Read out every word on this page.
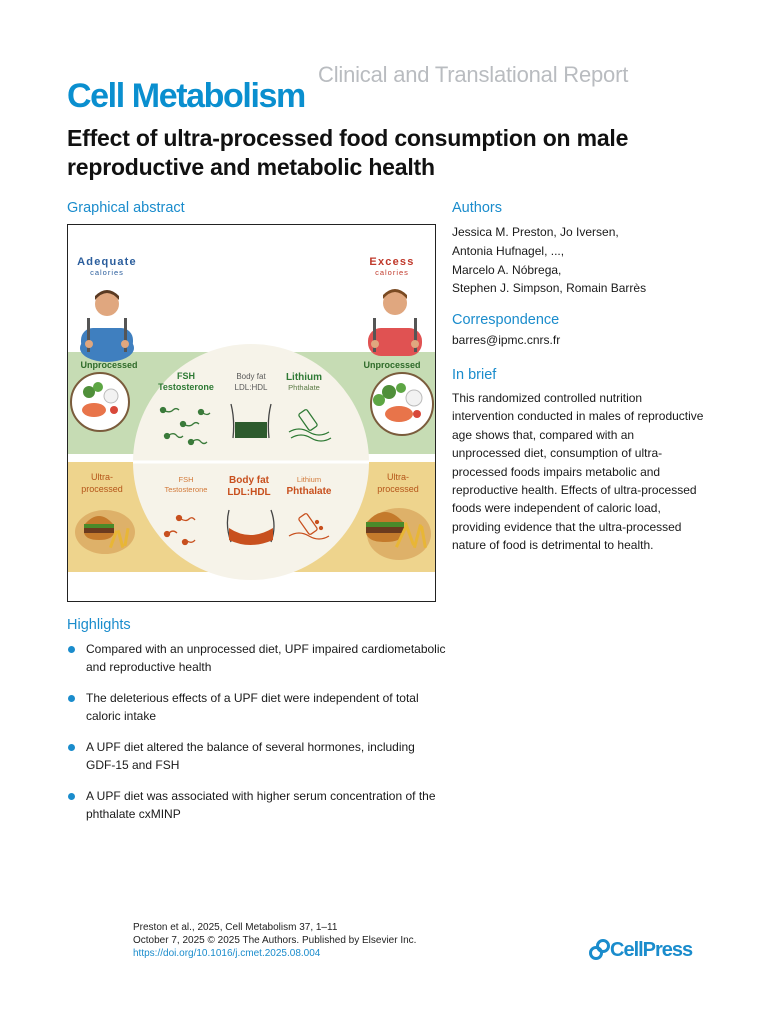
Cell Metabolism
Clinical and Translational Report
Effect of ultra-processed food consumption on male reproductive and metabolic health
Graphical abstract
Adequate
calories
Excess
calories
Unprocessed	Unprocessed
Ultra-
processed
Ultra-
processed
FSH
Testosterone
Body fat
LDL:HDL
Lithium
Phthalate
FSH
Testosterone
Body fat
LDL:HDL
Lithium
Phthalate
Authors
Jessica M. Preston, Jo Iversen,
Antonia Hufnagel, ...,
Marcelo A. Nóbrega,
Stephen J. Simpson, Romain Barrès
Correspondence
barres@ipmc.cnrs.fr
In brief
This randomized controlled nutrition intervention conducted in males of reproductive age shows that, compared with an unprocessed diet, consumption of ultra-processed foods impairs metabolic and reproductive health. Effects of ultra-processed foods were independent of caloric load, providing evidence that the ultra-processed nature of food is detrimental to health.
Highlights
Compared with an unprocessed diet, UPF impaired cardiometabolic and reproductive health
The deleterious effects of a UPF diet were independent of total caloric intake
A UPF diet altered the balance of several hormones, including GDF-15 and FSH
A UPF diet was associated with higher serum concentration of the phthalate cxMINP
Preston et al., 2025, Cell Metabolism 37, 1–11
October 7, 2025 © 2025 The Authors. Published by Elsevier Inc.
https://doi.org/10.1016/j.cmet.2025.08.004	CellPress
